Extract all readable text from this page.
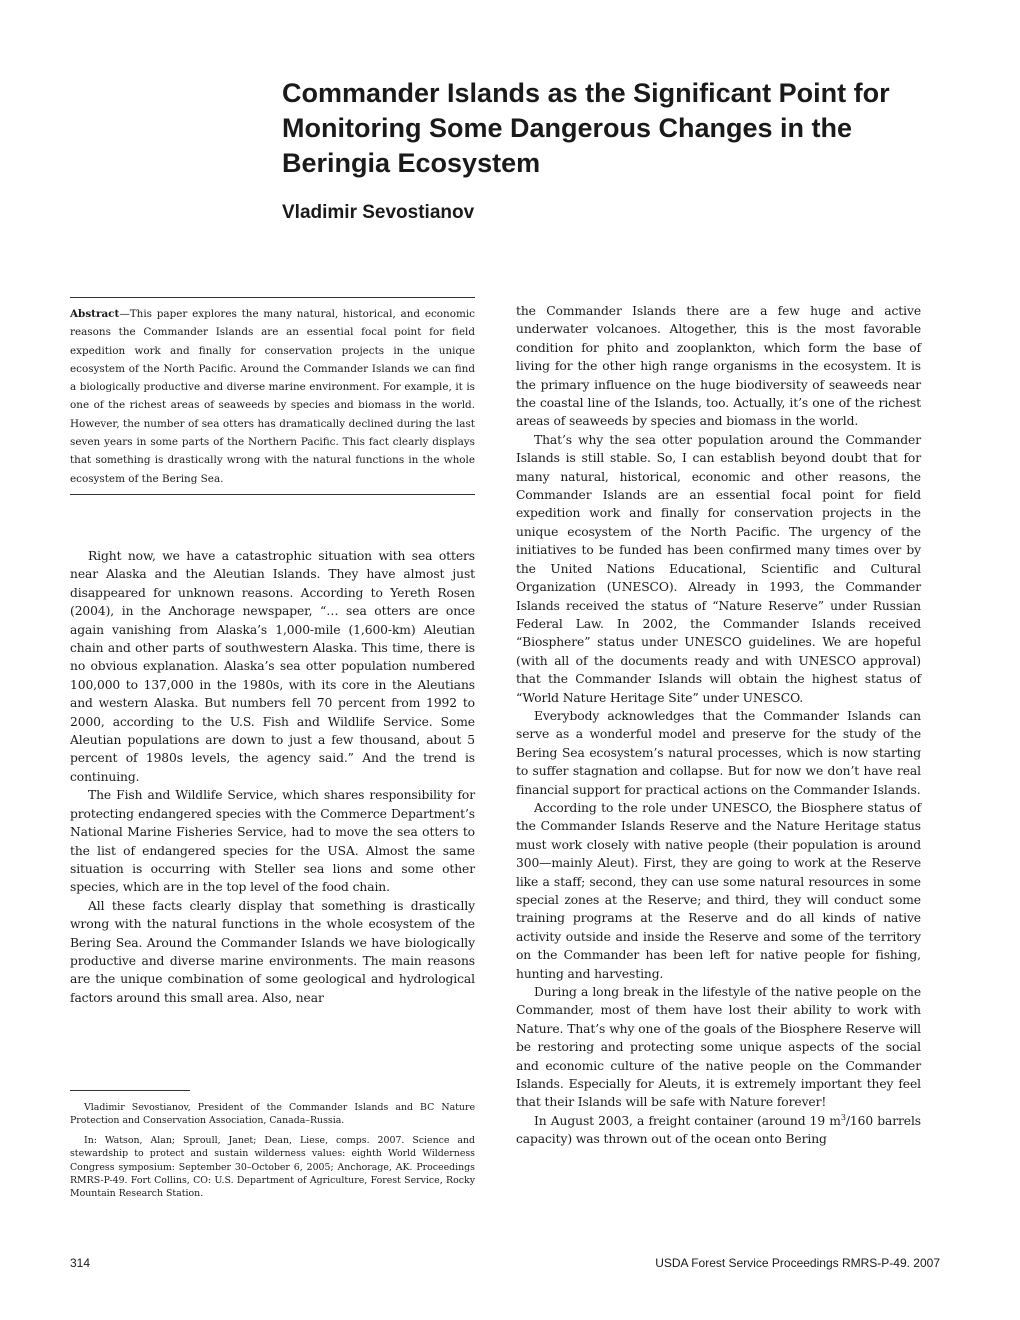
Commander Islands as the Significant Point for Monitoring Some Dangerous Changes in the Beringia Ecosystem

Vladimir Sevostianov

Abstract—This paper explores the many natural, historical, and economic reasons the Commander Islands are an essential focal point for field expedition work and finally for conservation projects in the unique ecosystem of the North Pacific. Around the Commander Islands we can find a biologically productive and diverse marine environment. For example, it is one of the richest areas of seaweeds by species and biomass in the world. However, the number of sea otters has dramatically declined during the last seven years in some parts of the Northern Pacific. This fact clearly displays that something is drastically wrong with the natural functions in the whole ecosystem of the Bering Sea.

Right now, we have a catastrophic situation with sea otters near Alaska and the Aleutian Islands. They have almost just disappeared for unknown reasons. According to Yereth Rosen (2004), in the Anchorage newspaper, “… sea otters are once again vanishing from Alaska’s 1,000-mile (1,600-km) Aleutian chain and other parts of southwestern Alaska. This time, there is no obvious explanation. Alaska’s sea otter population numbered 100,000 to 137,000 in the 1980s, with its core in the Aleutians and western Alaska. But numbers fell 70 percent from 1992 to 2000, according to the U.S. Fish and Wildlife Service. Some Aleutian populations are down to just a few thousand, about 5 percent of 1980s levels, the agency said.” And the trend is continuing.

The Fish and Wildlife Service, which shares responsibility for protecting endangered species with the Commerce Department’s National Marine Fisheries Service, had to move the sea otters to the list of endangered species for the USA. Almost the same situation is occurring with Steller sea lions and some other species, which are in the top level of the food chain.

All these facts clearly display that something is drastically wrong with the natural functions in the whole ecosystem of the Bering Sea. Around the Commander Islands we have biologically productive and diverse marine environments. The main reasons are the unique combination of some geological and hydrological factors around this small area. Also, near

Vladimir Sevostianov, President of the Commander Islands and BC Nature Protection and Conservation Association, Canada–Russia.

In: Watson, Alan; Sproull, Janet; Dean, Liese, comps. 2007. Science and stewardship to protect and sustain wilderness values: eighth World Wilderness Congress symposium: September 30–October 6, 2005; Anchorage, AK. Proceedings RMRS-P-49. Fort Collins, CO: U.S. Department of Agriculture, Forest Service, Rocky Mountain Research Station.

the Commander Islands there are a few huge and active underwater volcanoes. Altogether, this is the most favorable condition for phito and zooplankton, which form the base of living for the other high range organisms in the ecosystem. It is the primary influence on the huge biodiversity of seaweeds near the coastal line of the Islands, too. Actually, it’s one of the richest areas of seaweeds by species and biomass in the world.

That’s why the sea otter population around the Commander Islands is still stable. So, I can establish beyond doubt that for many natural, historical, economic and other reasons, the Commander Islands are an essential focal point for field expedition work and finally for conservation projects in the unique ecosystem of the North Pacific. The urgency of the initiatives to be funded has been confirmed many times over by the United Nations Educational, Scientific and Cultural Organization (UNESCO). Already in 1993, the Commander Islands received the status of “Nature Reserve” under Russian Federal Law. In 2002, the Commander Islands received “Biosphere” status under UNESCO guidelines. We are hopeful (with all of the documents ready and with UNESCO approval) that the Commander Islands will obtain the highest status of “World Nature Heritage Site” under UNESCO.

Everybody acknowledges that the Commander Islands can serve as a wonderful model and preserve for the study of the Bering Sea ecosystem’s natural processes, which is now starting to suffer stagnation and collapse. But for now we don’t have real financial support for practical actions on the Commander Islands.

According to the role under UNESCO, the Biosphere status of the Commander Islands Reserve and the Nature Heritage status must work closely with native people (their population is around 300—mainly Aleut). First, they are going to work at the Reserve like a staff; second, they can use some natural resources in some special zones at the Reserve; and third, they will conduct some training programs at the Reserve and do all kinds of native activity outside and inside the Reserve and some of the territory on the Commander has been left for native people for fishing, hunting and harvesting.

During a long break in the lifestyle of the native people on the Commander, most of them have lost their ability to work with Nature. That’s why one of the goals of the Biosphere Reserve will be restoring and protecting some unique aspects of the social and economic culture of the native people on the Commander Islands. Especially for Aleuts, it is extremely important they feel that their Islands will be safe with Nature forever!

In August 2003, a freight container (around 19 $m^3/160$ barrels capacity) was thrown out of the ocean onto Bering

314	USDA Forest Service Proceedings RMRS-P-49. 2007
